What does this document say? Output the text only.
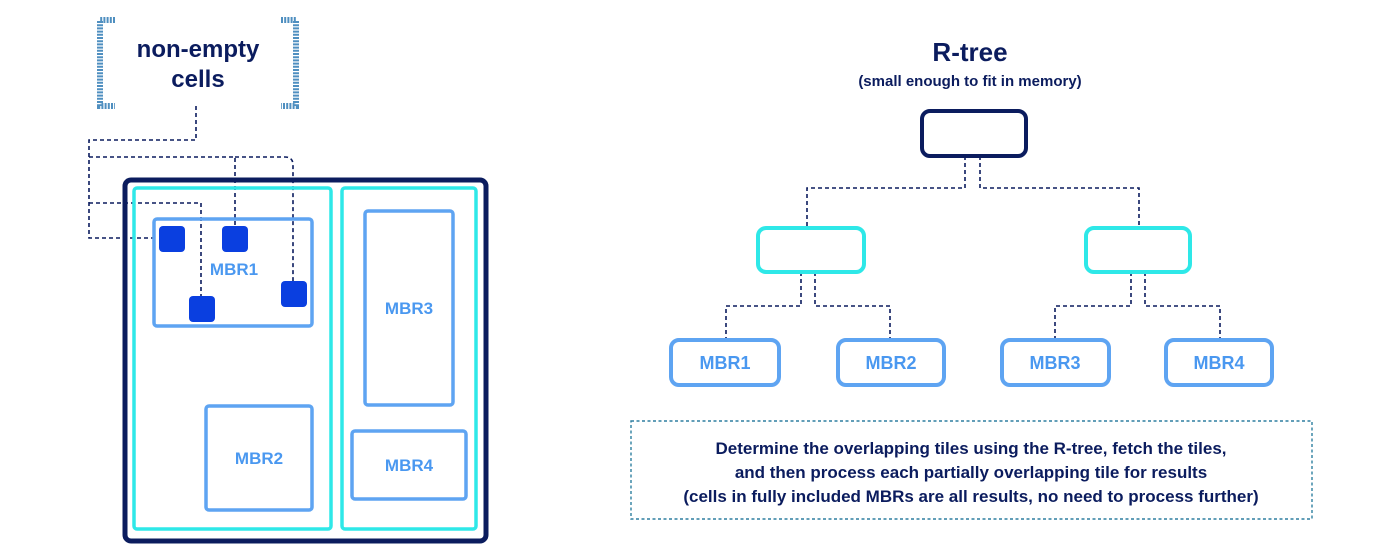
non-empty
cells
MBR1
MBR2
MBR3
MBR4
R-tree
(small enough to fit in memory)
MBR1	MBR2	MBR3	MBR4
Determine the overlapping tiles using the R-tree, fetch the tiles,
and then process each partially overlapping tile for results
(cells in fully included MBRs are all results, no need to process further)
